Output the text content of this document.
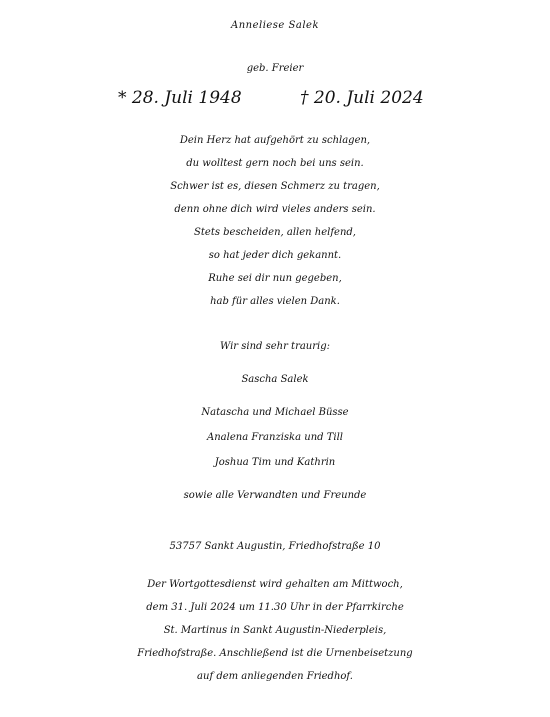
Anneliese Salek
geb. Freier
* 28. Juli 1948	† 20. Juli 2024
Dein Herz hat aufgehört zu schlagen,
du wolltest gern noch bei uns sein.
Schwer ist es, diesen Schmerz zu tragen,
denn ohne dich wird vieles anders sein.
Stets bescheiden, allen helfend,
so hat jeder dich gekannt.
Ruhe sei dir nun gegeben,
hab für alles vielen Dank.
Wir sind sehr traurig:
Sascha Salek
Natascha und Michael Büsse
Analena Franziska und Till
Joshua Tim und Kathrin
sowie alle Verwandten und Freunde
53757 Sankt Augustin, Friedhofstraße 10
Der Wortgottesdienst wird gehalten am Mittwoch,
dem 31. Juli 2024 um 11.30 Uhr in der Pfarrkirche
St. Martinus in Sankt Augustin-Niederpleis,
Friedhofstraße. Anschließend ist die Urnenbeisetzung
auf dem anliegenden Friedhof.
